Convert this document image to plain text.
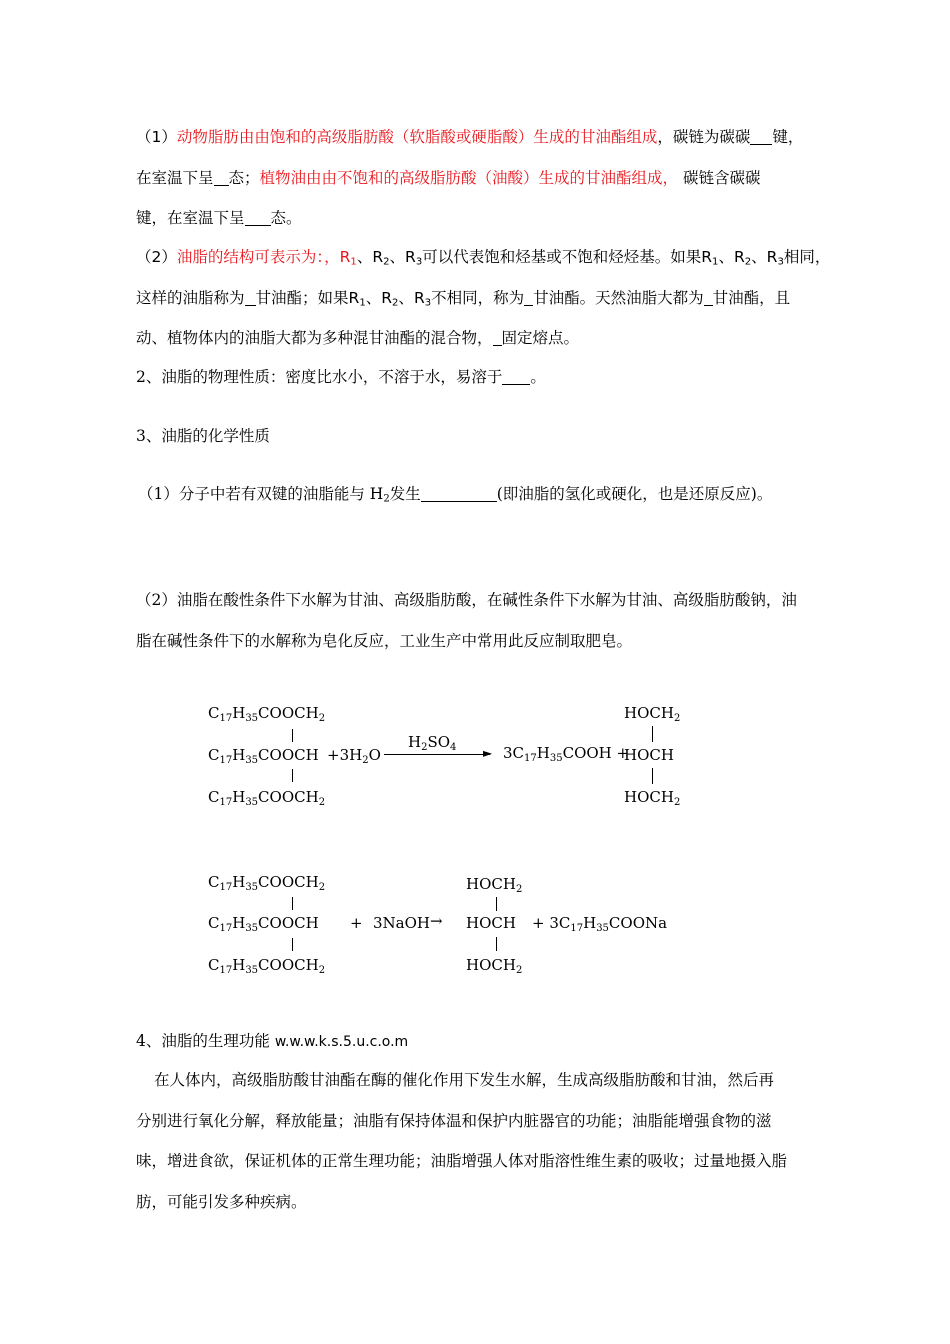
（1）动物脂肪由由饱和的高级脂肪酸（软脂酸或硬脂酸）生成的甘油酯组成，碳链为碳碳 键，
在室温下呈 态；植物油由由不饱和的高级脂肪酸（油酸）生成的甘油酯组成， 碳链含碳碳
键，在室温下呈 态。
（2）油脂的结构可表示为：，$R_1$、$R_2$、$R_3$可以代表饱和烃基或不饱和烃烃基。如果$R_1$、$R_2$、$R_3$相同，
这样的油脂称为 甘油酯；如果$R_1$、$R_2$、$R_3$不相同，称为 甘油酯。天然油脂大都为 甘油酯，且
动、植物体内的油脂大都为多种混甘油酯的混合物， 固定熔点。
2、油脂的物理性质：密度比水小，不溶于水，易溶于 。
3、油脂的化学性质
（1）分子中若有双键的油脂能与 $H_2$发生	(即油脂的氢化或硬化，也是还原反应)。
（2）油脂在酸性条件下水解为甘油、高级脂肪酸，在碱性条件下水解为甘油、高级脂肪酸钠，油
脂在碱性条件下的水解称为皂化反应，工业生产中常用此反应制取肥皂。
$C_{17}H_{35}COOCH_2$
$C_{17}H_{35}COOCH$
$C_{17}H_{35}COOCH_2$
$+3H_2O$
$H_2SO_4$ ► $3C_{17}H_{35}COOH$ +
$HOCH_2$
HOCH
$HOCH_2$
$C_{17}H_{35}COOCH_2$
$C_{17}H_{35}COOCH$
$C_{17}H_{35}COOCH_2$
+ 3NaOH →
$HOCH_2$
HOCH
$HOCH_2$
+ $3C_{17}H_{35}COONa$
4、油脂的生理功能 w.w.w.k.s.5.u.c.o.m
在人体内，高级脂肪酸甘油酯在酶的催化作用下发生水解，生成高级脂肪酸和甘油，然后再
分别进行氧化分解，释放能量；油脂有保持体温和保护内脏器官的功能；油脂能增强食物的滋
味，增进食欲，保证机体的正常生理功能；油脂增强人体对脂溶性维生素的吸收；过量地摄入脂
肪，可能引发多种疾病。
